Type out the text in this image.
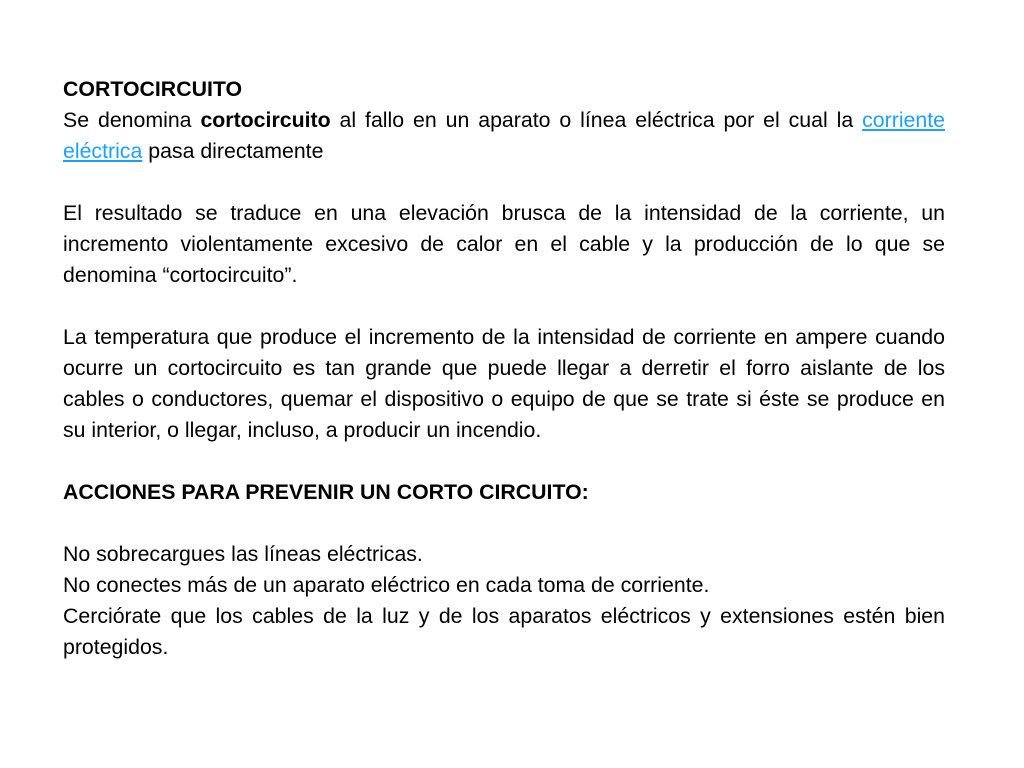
CORTOCIRCUITO

Se denomina cortocircuito al fallo en un aparato o línea eléctrica por el cual la corriente eléctrica pasa directamente

El resultado se traduce en una elevación brusca de la intensidad de la corriente, un incremento violentamente excesivo de calor en el cable y la producción de lo que se denomina “cortocircuito”.

La temperatura que produce el incremento de la intensidad de corriente en ampere cuando ocurre un cortocircuito es tan grande que puede llegar a derretir el forro aislante de los cables o conductores, quemar el dispositivo o equipo de que se trate si éste se produce en su interior, o llegar, incluso, a producir un incendio.

ACCIONES PARA PREVENIR UN CORTO CIRCUITO:

No sobrecargues las líneas eléctricas.

No conectes más de un aparato eléctrico en cada toma de corriente.

Cerciórate que los cables de la luz y de los aparatos eléctricos y extensiones estén bien protegidos.
